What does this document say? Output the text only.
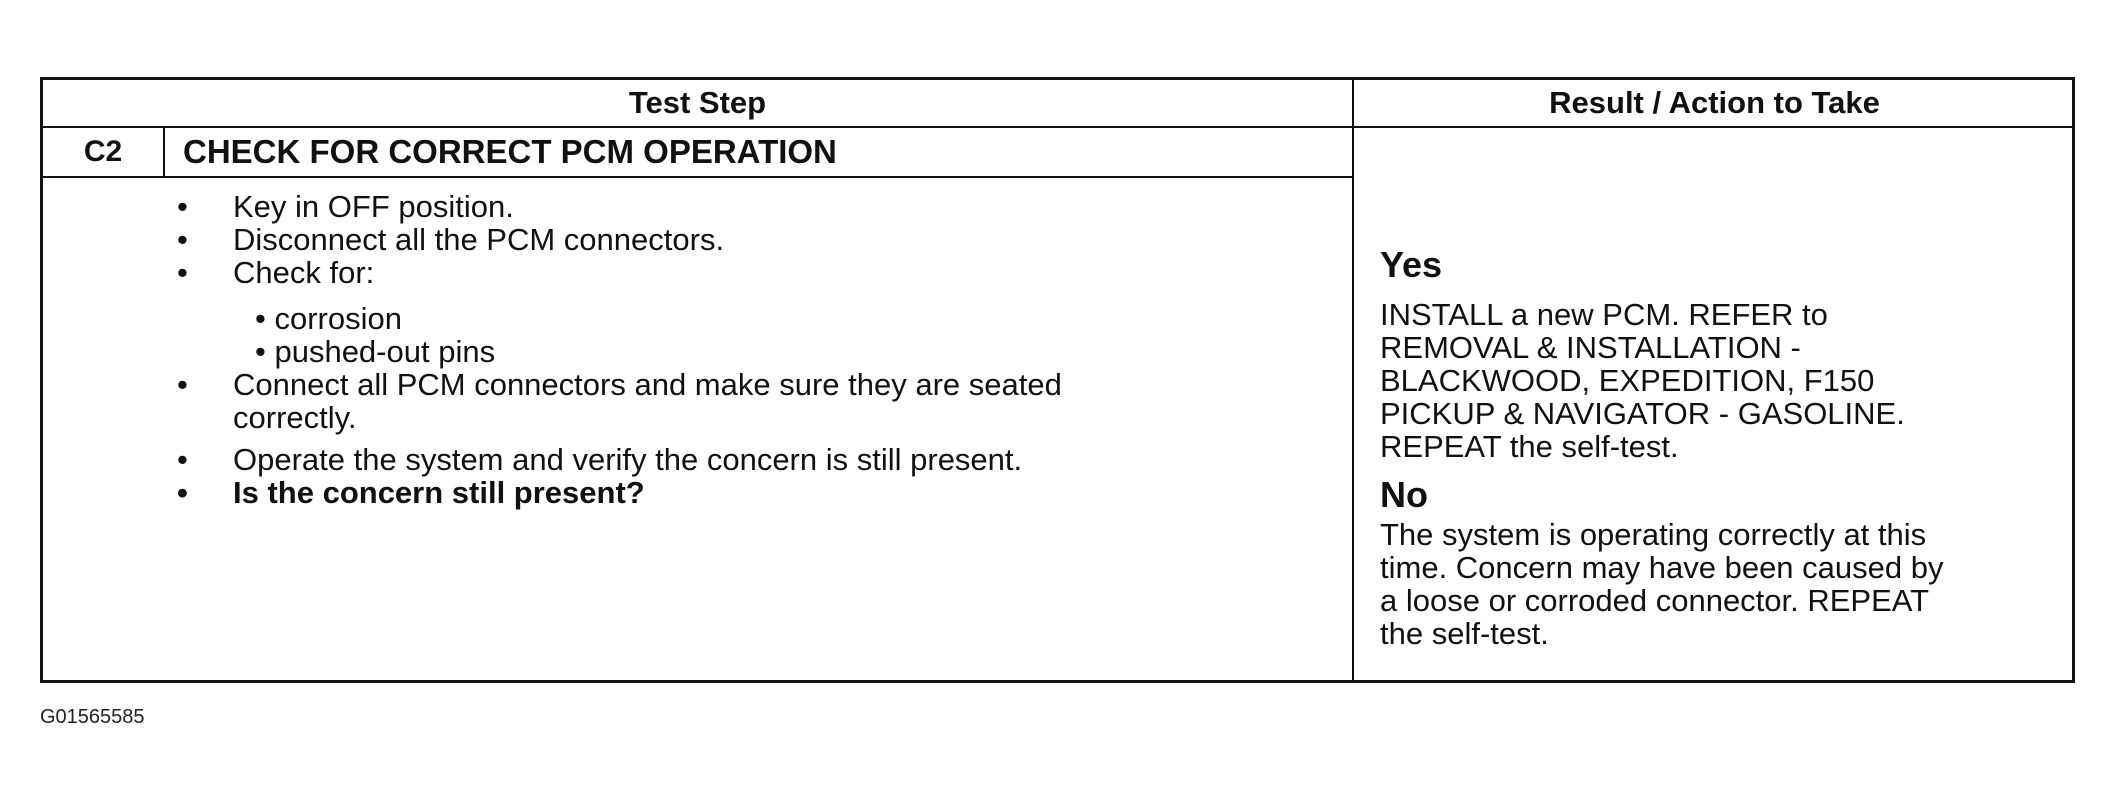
Test Step	Result / Action to Take
C2	CHECK FOR CORRECT PCM OPERATION
• Key in OFF position.
• Disconnect all the PCM connectors.
• Check for:
• corrosion
• pushed-out pins
• Connect all PCM connectors and make sure they are seated
correctly.
• Operate the system and verify the concern is still present.
• Is the concern still present?
Yes
INSTALL a new PCM. REFER to
REMOVAL & INSTALLATION -
BLACKWOOD, EXPEDITION, F150
PICKUP & NAVIGATOR - GASOLINE.
REPEAT the self-test.
No
The system is operating correctly at this
time. Concern may have been caused by
a loose or corroded connector. REPEAT
the self-test.
G01565585
